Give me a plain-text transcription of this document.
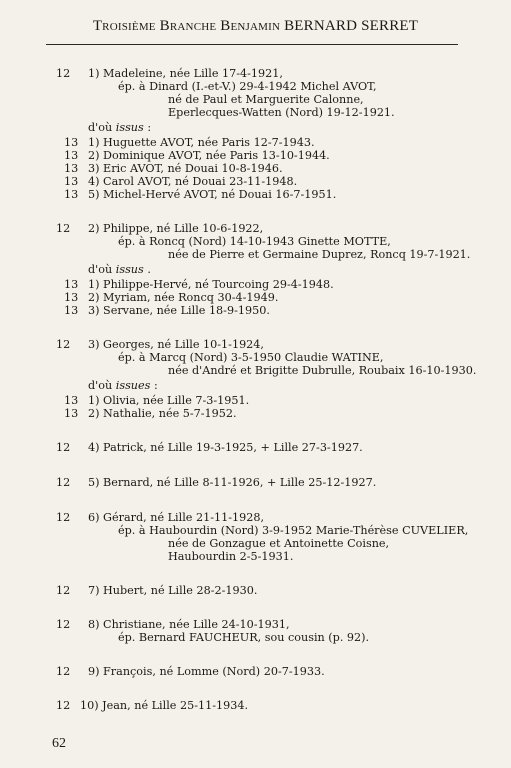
Troisième Branche Benjamin BERNARD SERRET
12 1) Madeleine, née Lille 17-4-1921,
ép. à Dinard (I.-et-V.) 29-4-1942 Michel AVOT,
né de Paul et Marguerite Calonne,
Eperlecques-Watten (Nord) 19-12-1921.
d'où issus :
13 1) Huguette AVOT, née Paris 12-7-1943.
13 2) Dominique AVOT, née Paris 13-10-1944.
13 3) Eric AVOT, né Douai 10-8-1946.
13 4) Carol AVOT, né Douai 23-11-1948.
13 5) Michel-Hervé AVOT, né Douai 16-7-1951.
12 2) Philippe, né Lille 10-6-1922,
ép. à Roncq (Nord) 14-10-1943 Ginette MOTTE,
née de Pierre et Germaine Duprez, Roncq 19-7-1921.
d'où issus .
13 1) Philippe-Hervé, né Tourcoing 29-4-1948.
13 2) Myriam, née Roncq 30-4-1949.
13 3) Servane, née Lille 18-9-1950.
12 3) Georges, né Lille 10-1-1924,
ép. à Marcq (Nord) 3-5-1950 Claudie WATINE,
née d'André et Brigitte Dubrulle, Roubaix 16-10-1930.
d'où issues :
13 1) Olivia, née Lille 7-3-1951.
13 2) Nathalie, née 5-7-1952.
12 4) Patrick, né Lille 19-3-1925, + Lille 27-3-1927.
12 5) Bernard, né Lille 8-11-1926, + Lille 25-12-1927.
12 6) Gérard, né Lille 21-11-1928,
ép. à Haubourdin (Nord) 3-9-1952 Marie-Thérèse CUVELIER,
née de Gonzague et Antoinette Coisne,
Haubourdin 2-5-1931.
12 7) Hubert, né Lille 28-2-1930.
12 8) Christiane, née Lille 24-10-1931,
ép. Bernard FAUCHEUR, sou cousin (p. 92).
12 9) François, né Lomme (Nord) 20-7-1933.
12 10) Jean, né Lille 25-11-1934.
62
